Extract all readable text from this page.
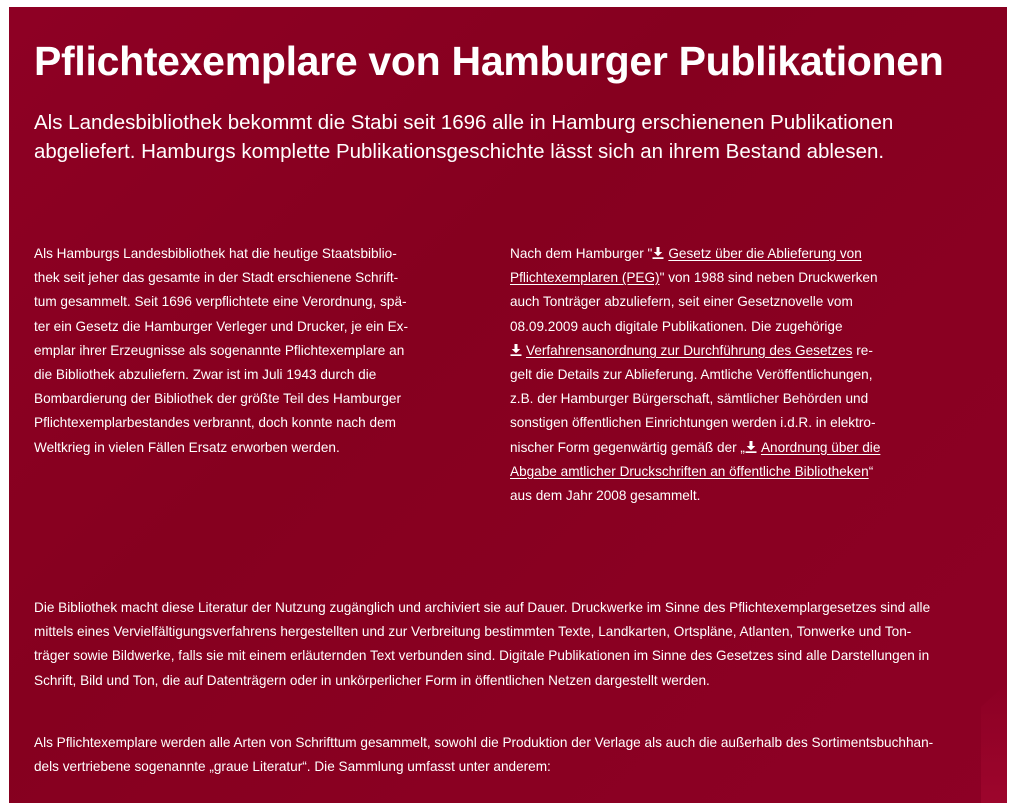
Pflichtexemplare von Hamburger Publikationen

Als Landesbibliothek bekommt die Stabi seit 1696 alle in Hamburg erschienenen Publikationen
abgeliefert. Hamburgs komplette Publikationsgeschichte lässt sich an ihrem Bestand ablesen.

Als Hamburgs Landesbibliothek hat die heutige Staatsbiblio-
thek seit jeher das gesamte in der Stadt erschienene Schrift-
tum gesammelt. Seit 1696 verpflichtete eine Verordnung, spä-
ter ein Gesetz die Hamburger Verleger und Drucker, je ein Ex-
emplar ihrer Erzeugnisse als sogenannte Pflichtexemplare an
die Bibliothek abzuliefern. Zwar ist im Juli 1943 durch die
Bombardierung der Bibliothek der größte Teil des Hamburger
Pflichtexemplarbestandes verbrannt, doch konnte nach dem
Weltkrieg in vielen Fällen Ersatz erworben werden.
Nach dem Hamburger " Gesetz über die Ablieferung von
Pflichtexemplaren (PEG)" von 1988 sind neben Druckwerken
auch Tonträger abzuliefern, seit einer Gesetznovelle vom
08.09.2009 auch digitale Publikationen. Die zugehörige
Verfahrensanordnung zur Durchführung des Gesetzes re-
gelt die Details zur Ablieferung. Amtliche Veröffentlichungen,
z.B. der Hamburger Bürgerschaft, sämtlicher Behörden und
sonstigen öffentlichen Einrichtungen werden i.d.R. in elektro-
nischer Form gegenwärtig gemäß der „ Anordnung über die
Abgabe amtlicher Druckschriften an öffentliche Bibliotheken“
aus dem Jahr 2008 gesammelt.
Die Bibliothek macht diese Literatur der Nutzung zugänglich und archiviert sie auf Dauer. Druckwerke im Sinne des Pflichtexemplargesetzes sind alle
mittels eines Vervielfältigungsverfahrens hergestellten und zur Verbreitung bestimmten Texte, Landkarten, Ortspläne, Atlanten, Tonwerke und Ton-
träger sowie Bildwerke, falls sie mit einem erläuternden Text verbunden sind. Digitale Publikationen im Sinne des Gesetzes sind alle Darstellungen in
Schrift, Bild und Ton, die auf Datenträgern oder in unkörperlicher Form in öffentlichen Netzen dargestellt werden.
Als Pflichtexemplare werden alle Arten von Schrifttum gesammelt, sowohl die Produktion der Verlage als auch die außerhalb des Sortimentsbuchhan-
dels vertriebene sogenannte „graue Literatur“. Die Sammlung umfasst unter anderem:
